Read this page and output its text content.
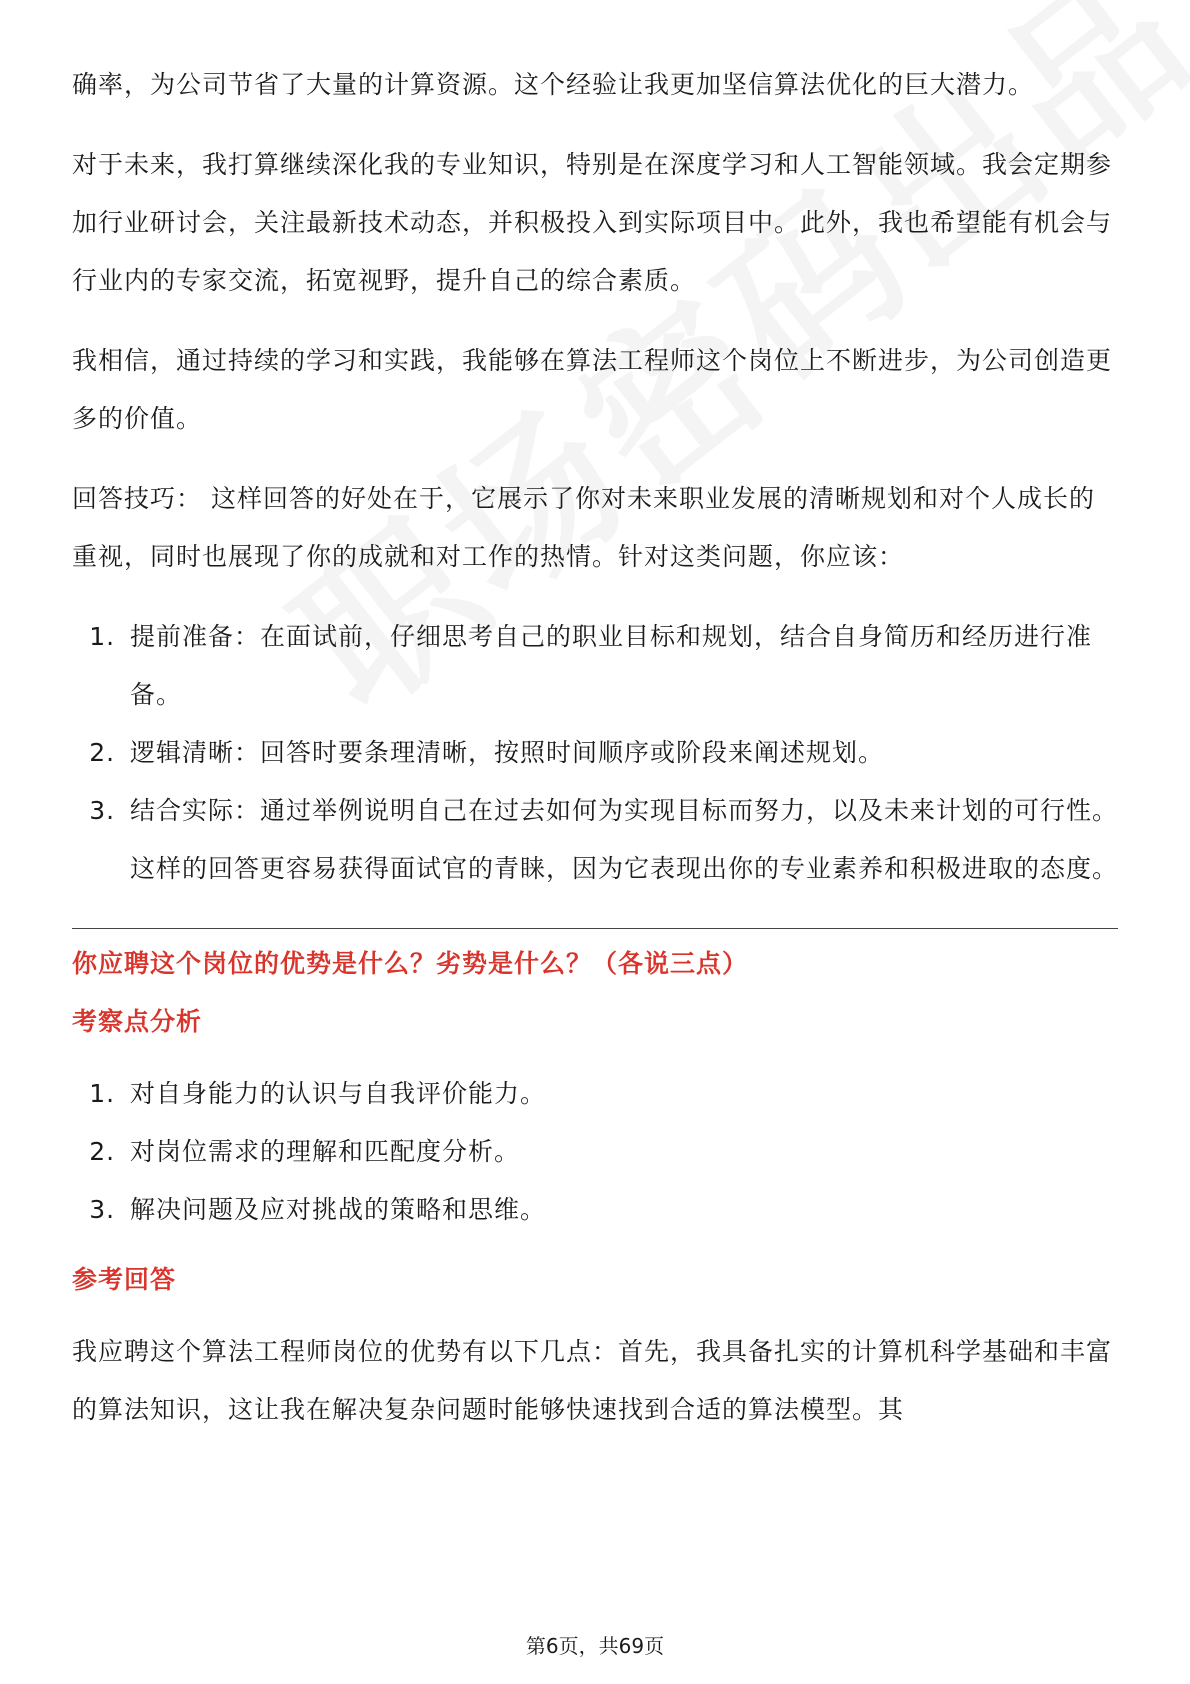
确率，为公司节省了大量的计算资源。这个经验让我更加坚信算法优化的巨大潜力。

对于未来，我打算继续深化我的专业知识，特别是在深度学习和人工智能领域。我会定期参加行业研讨会，关注最新技术动态，并积极投入到实际项目中。此外，我也希望能有机会与行业内的专家交流，拓宽视野，提升自己的综合素质。

我相信，通过持续的学习和实践，我能够在算法工程师这个岗位上不断进步，为公司创造更多的价值。

回答技巧： 这样回答的好处在于，它展示了你对未来职业发展的清晰规划和对个人成长的重视，同时也展现了你的成就和对工作的热情。针对这类问题，你应该：

1. 提前准备：在面试前，仔细思考自己的职业目标和规划，结合自身简历和经历进行准备。
2. 逻辑清晰：回答时要条理清晰，按照时间顺序或阶段来阐述规划。
3. 结合实际：通过举例说明自己在过去如何为实现目标而努力，以及未来计划的可行性。 这样的回答更容易获得面试官的青睐，因为它表现出你的专业素养和积极进取的态度。
你应聘这个岗位的优势是什么？劣势是什么？（各说三点）
考察点分析
1. 对自身能力的认识与自我评价能力。
2. 对岗位需求的理解和匹配度分析。
3. 解决问题及应对挑战的策略和思维。
参考回答

我应聘这个算法工程师岗位的优势有以下几点：首先，我具备扎实的计算机科学基础和丰富的算法知识，这让我在解决复杂问题时能够快速找到合适的算法模型。其

第6页，共69页
